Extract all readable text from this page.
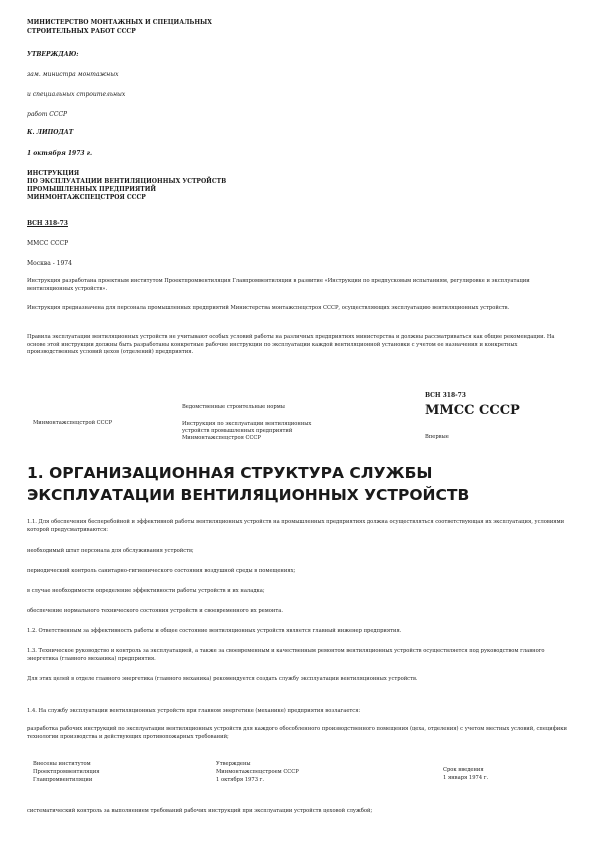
МИНИСТЕРСТВО МОНТАЖНЫХ И СПЕЦИАЛЬНЫХ

СТРОИТЕЛЬНЫХ РАБОТ СССР

УТВЕРЖДАЮ:

зам. министра монтажных

и специальных строительных

работ СССР

К. ЛИПОДАТ

1 октября 1973 г.

ИНСТРУКЦИЯ

ПО ЭКСПЛУАТАЦИИ ВЕНТИЛЯЦИОННЫХ УСТРОЙСТВ

ПРОМЫШЛЕННЫХ ПРЕДПРИЯТИЙ

МИНМОНТАЖСПЕЦСТРОЯ СССР

ВСН 318-73

ММСС СССР

Москва - 1974

Инструкция разработана проектным институтом Проектпромвентиляция Главпромвентиляции в развитие «Инструкции по предпусковым испытаниям, регулировке и эксплуатации вентиляционных устройств».

Инструкция предназначена для персонала промышленных предприятий Министерства монтажспецстроя СССР, осуществляющих эксплуатацию вентиляционных устройств.

Правила эксплуатации вентиляционных устройств не учитывают особых условий работы на различных предприятиях министерства и должны рассматриваться как общие рекомендации. На основе этой инструкции должны быть разработаны конкретные рабочие инструкции по эксплуатации каждой вентиляционной установки с учетом ее назначения и конкретных производственных условий цехов (отделений) предприятия.

Минмонтажспецстрой СССР

Ведомственные строительные нормы

Инструкция по эксплуатации вентиляционных

устройств промышленных предприятий

Минмонтажспецстроя СССР

ВСН 318-73

ММСС СССР

Впервые

1. ОРГАНИЗАЦИОННАЯ СТРУКТУРА СЛУЖБЫ

ЭКСПЛУАТАЦИИ ВЕНТИЛЯЦИОННЫХ УСТРОЙСТВ

1.1. Для обеспечения бесперебойной и эффективной работы вентиляционных устройств на промышленных предприятиях должна осуществляться соответствующая их эксплуатация, условиями которой предусматриваются:

необходимый штат персонала для обслуживания устройств;

периодический контроль санитарно-гигиенического состояния воздушной среды в помещениях;

в случае необходимости определение эффективности работы устройств и их наладка;

обеспечение нормального технического состояния устройств и своевременного их ремонта.

1.2. Ответственным за эффективность работы и общее состояние вентиляционных устройств является главный инженер предприятия.

1.3. Техническое руководство и контроль за эксплуатацией, а также за своевременным и качественным ремонтом вентиляционных устройств осуществляется под руководством главного энергетика (главного механика) предприятия.

Для этих целей в отделе главного энергетика (главного механика) рекомендуется создать службу эксплуатации вентиляционных устройств.

1.4. На службу эксплуатации вентиляционных устройств при главном энергетике (механике) предприятия возлагается:

разработка рабочих инструкций по эксплуатации вентиляционных устройств для каждого обособленного производственного помещения (цеха, отделения) с учетом местных условий, специфики технологии производства и действующих противопожарных требований;

Внесены институтом

Проектпромвентиляция

Главпромвентиляции

Утверждены

Минмонтажспецстроем СССР

1 октября 1973 г.

Срок введения

1 января 1974 г.

систематический контроль за выполнением требований рабочих инструкций при эксплуатации устройств цеховой службой;
